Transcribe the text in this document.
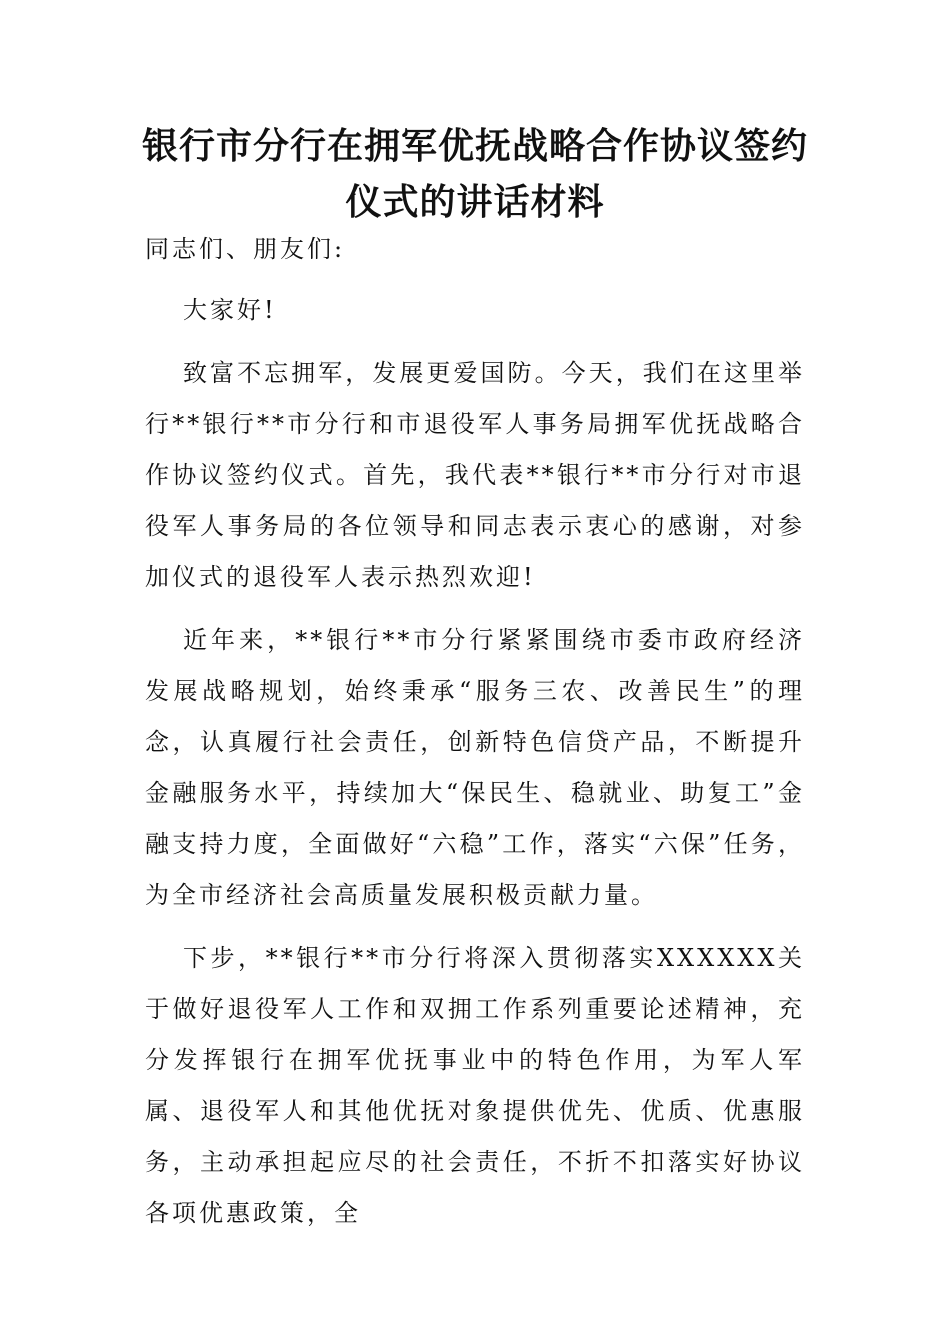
银行市分行在拥军优抚战略合作协议签约
仪式的讲话材料

同志们、朋友们:

大家好!

致富不忘拥军，发展更爱国防。今天，我们在这里举行**银行**市分行和市退役军人事务局拥军优抚战略合作协议签约仪式。首先，我代表**银行**市分行对市退役军人事务局的各位领导和同志表示衷心的感谢，对参加仪式的退役军人表示热烈欢迎!

近年来，**银行**市分行紧紧围绕市委市政府经济发展战略规划，始终秉承“服务三农、改善民生”的理念，认真履行社会责任，创新特色信贷产品，不断提升金融服务水平，持续加大“保民生、稳就业、助复工”金融支持力度，全面做好“六稳”工作，落实“六保”任务，为全市经济社会高质量发展积极贡献力量。

下步，**银行**市分行将深入贯彻落实XXXXXX关于做好退役军人工作和双拥工作系列重要论述精神，充分发挥银行在拥军优抚事业中的特色作用，为军人军属、退役军人和其他优抚对象提供优先、优质、优惠服务，主动承担起应尽的社会责任，不折不扣落实好协议各项优惠政策，全
